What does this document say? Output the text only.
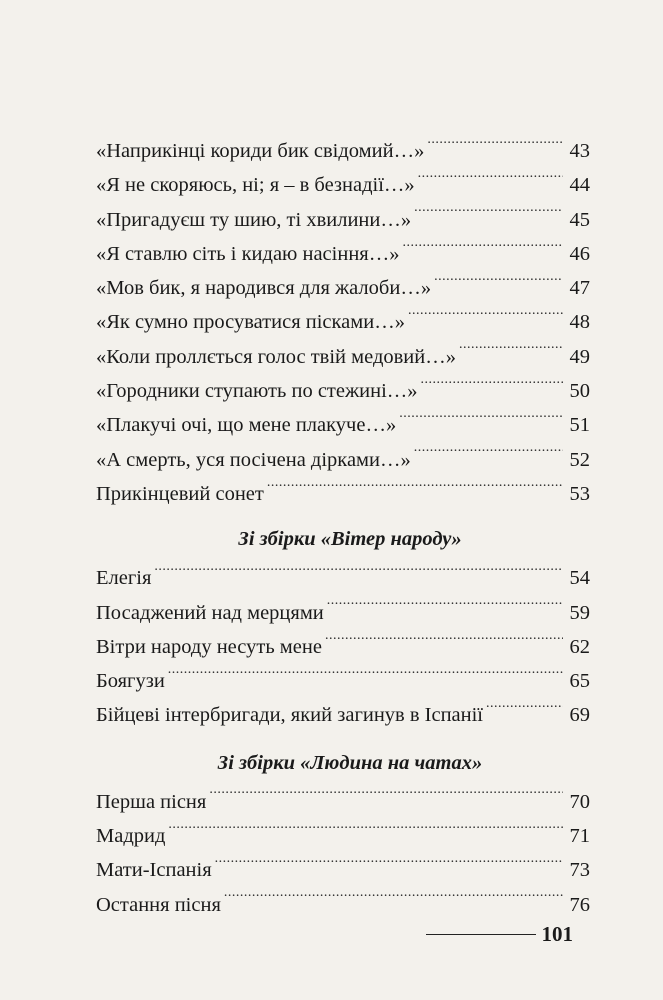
«Наприкінці кориди бик свідомий…» .....	43
«Я не скоряюсь, ні; я – в безнадії…» .....	44
«Пригадуєш ту шию, ті хвилини…» .....	45
«Я ставлю сіть і кидаю насіння…» .....	46
«Мов бик, я народився для жалоби…» .....	47
«Як сумно просуватися пісками…» .....	48
«Коли проллється голос твій медовий…» .....	49
«Городники ступають по стежині…» .....	50
«Плакучі очі, що мене плакуче…» .....	51
«А смерть, уся посічена дірками…» .....	52
Прикінцевий сонет .....	53
Зі збірки «Вітер народу»
Елегія .....	54
Посаджений над мерцями .....	59
Вітри народу несуть мене .....	62
Боягузи .....	65
Бійцеві інтербригади, який загинув в Іспанії .....	69
Зі збірки «Людина на чатах»
Перша пісня .....	70
Мадрид .....	71
Мати-Іспанія .....	73
Остання пісня .....	76
101
